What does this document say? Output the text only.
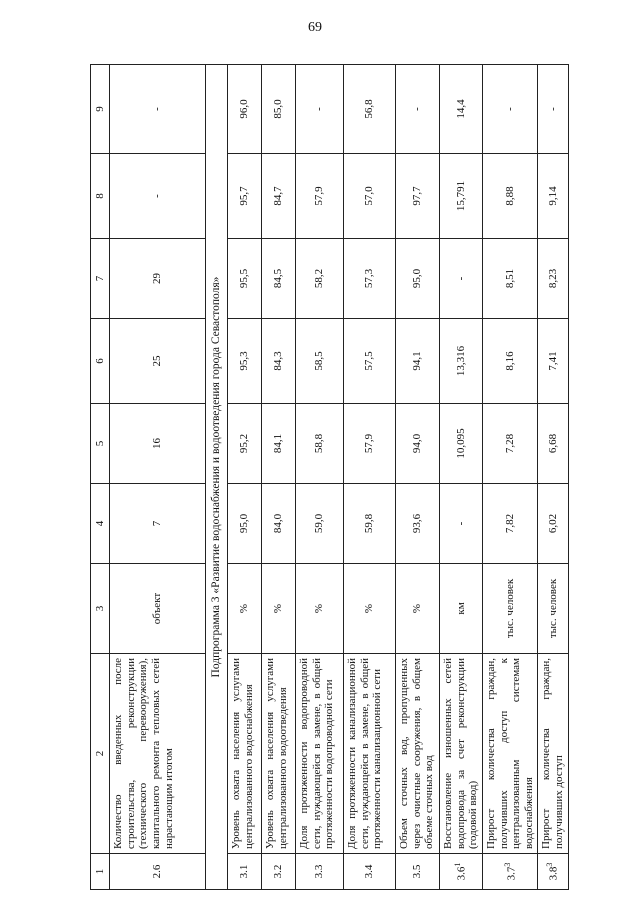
69
1	2	3	4	5	6	7	8	9
2.6	Количество введенных после строительства, реконструкции (технического перевооружения), капитального ремонта тепловых сетей нарастающим итогом	объект	7	16	25	29	-	-
Подпрограмма 3 «Развитие водоснабжения и водоотведения города Севастополя»								
3.1	Уровень охвата населения услугами централизованного водоснабжения	%	95,0	95,2	95,3	95,5	95,7	96,0
3.2	Уровень охвата населения услугами централизованного водоотведения	%	84,0	84,1	84,3	84,5	84,7	85,0
3.3	Доля протяженности водопроводной сети, нуждающейся в замене, в общей протяженности водопроводной сети	%	59,0	58,8	58,5	58,2	57,9	-
3.4	Доля протяженности канализационной сети, нуждающейся в замене, в общей протяженности канализационной сети	%	59,8	57,9	57,5	57,3	57,0	56,8
3.5	Объем сточных вод, пропущенных через очистные сооружения, в общем объеме сточных вод	%	93,6	94,0	94,1	95,0	97,7	-
$3.6^1$	Восстановление изношенных сетей водопровода за счет реконструкции (годовой ввод)	км	-	10,095	13,316	-	15,791	14,4
$3.7^3$	Прирост количества граждан, получивших доступ к централизованным системам водоснабжения	тыс. человек	7,82	7,28	8,16	8,51	8,88	-
$3.8^3$	Прирост количества граждан, получивших доступ	тыс. человек	6,02	6,68	7,41	8,23	9,14	-
